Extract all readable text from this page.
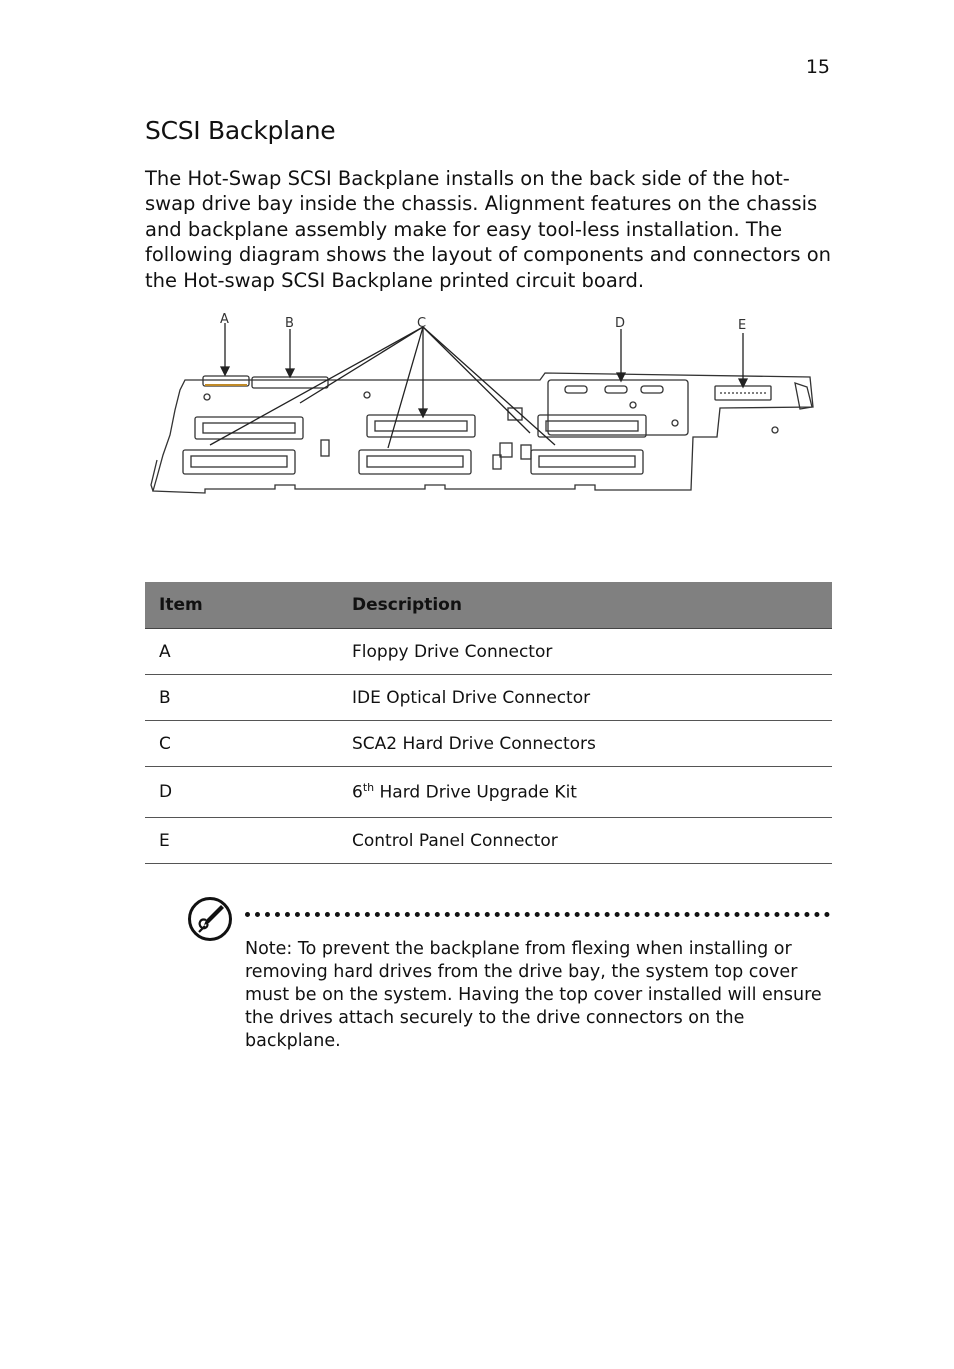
15
SCSI Backplane

The Hot-Swap SCSI Backplane installs on the back side of the hot-swap drive bay inside the chassis. Alignment features on the chassis and backplane assembly make for easy tool-less installation. The following diagram shows the layout of components and connectors on the Hot-swap SCSI Backplane printed circuit board.

A	B	C	D	E
Item	Description
A	Floppy Drive Connector
B	IDE Optical Drive Connector
C	SCA2 Hard Drive Connectors
D	6th Hard Drive Upgrade Kit
E	Control Panel Connector

Note: To prevent the backplane from flexing when installing or removing hard drives from the drive bay, the system top cover must be on the system. Having the top cover installed will ensure the drives attach securely to the drive connectors on the backplane.
